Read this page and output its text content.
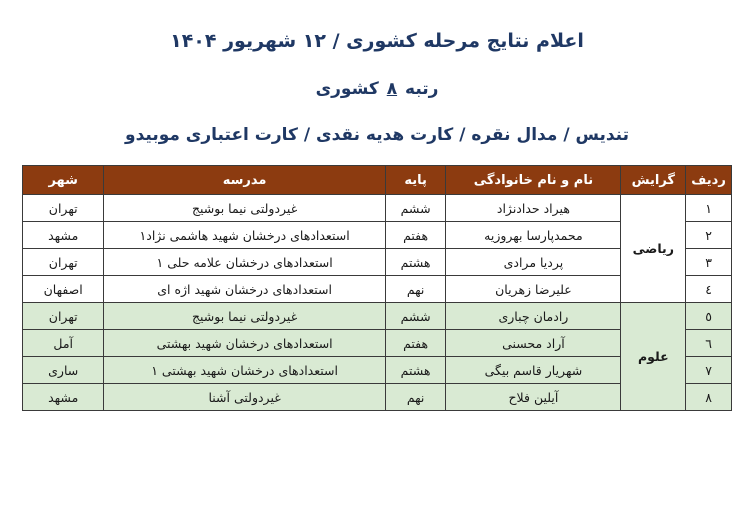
اعلام نتایج مرحله کشوری / ۱۲ شهریور ۱۴۰۴
رتبه ۸ کشوری
تندیس / مدال نقره / کارت هدیه نقدی / کارت اعتباری موبیدو
ردیف	گرایش	نام و نام خانوادگی	پایه	مدرسه	شهر
١	ریاضی	هیراد حدادنژاد	ششم	غیردولتی نیما بوشیج	تهران
٢		محمدپارسا بهروزیه	هفتم	استعدادهای درخشان شهید هاشمی نژاد۱	مشهد
٣		پردیا مرادی	هشتم	استعدادهای درخشان علامه حلی ۱	تهران
٤		علیرضا زهریان	نهم	استعدادهای درخشان شهید اژه ای	اصفهان
٥	علوم	رادمان چباری	ششم	غیردولتی نیما بوشیج	تهران
٦		آراد محسنی	هفتم	استعدادهای درخشان شهید بهشتی	آمل
٧		شهریار قاسم بیگی	هشتم	استعدادهای درخشان شهید بهشتی ۱	ساری
٨		آیلین فلاح	نهم	غیردولتی آشنا	مشهد
